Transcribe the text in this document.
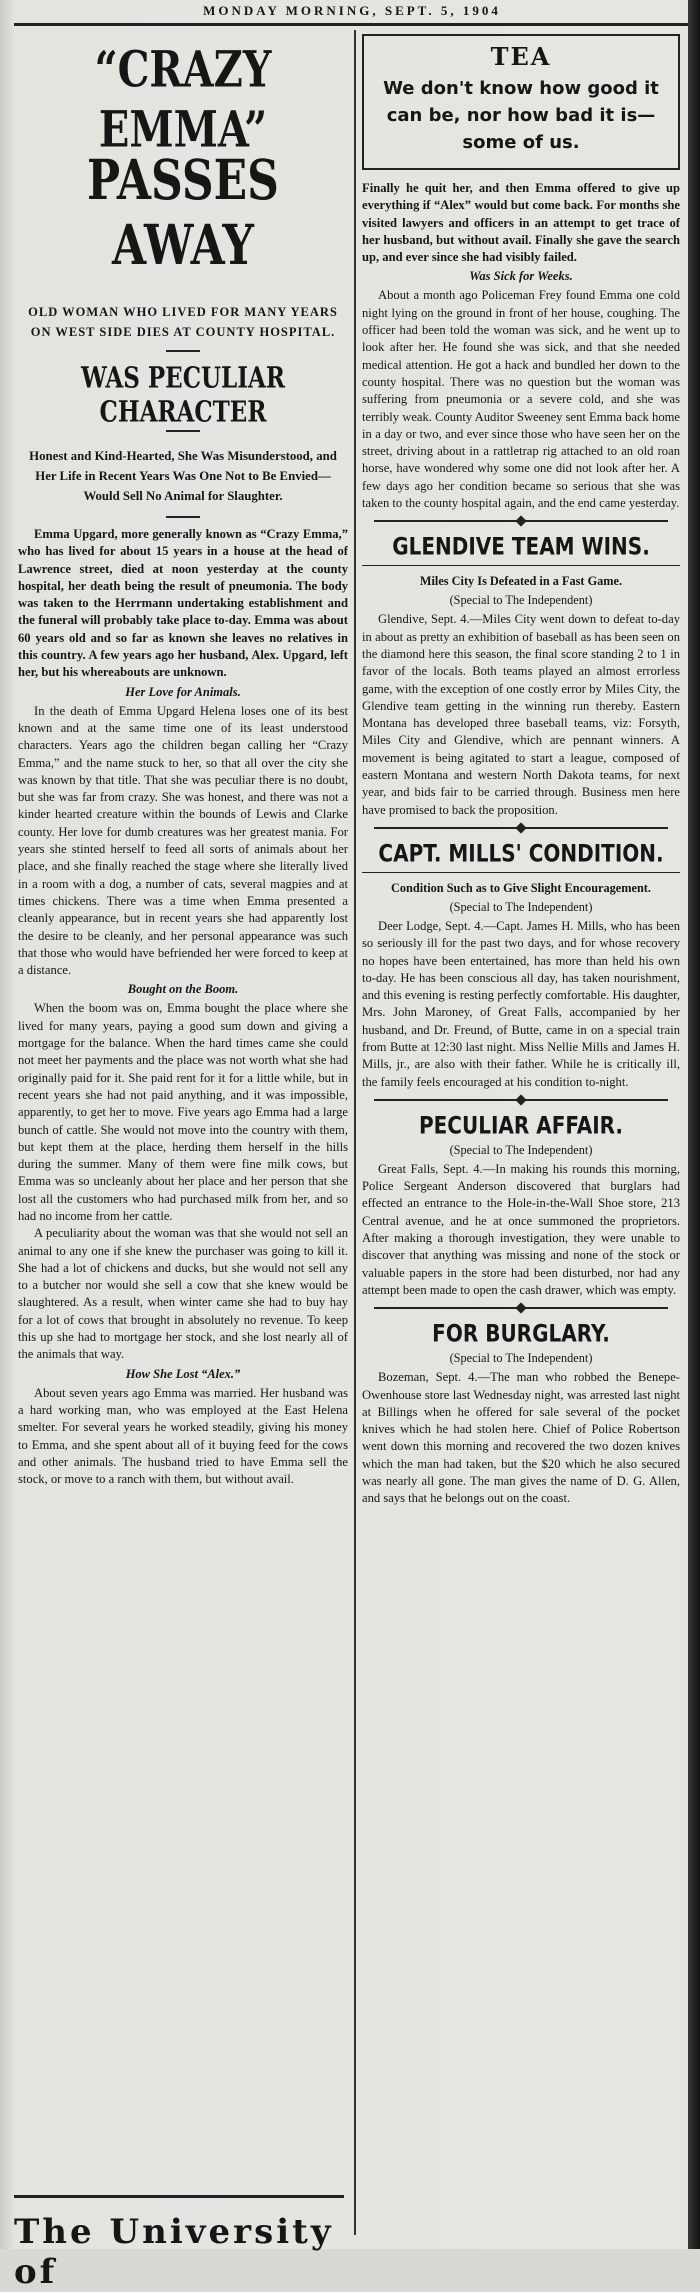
MONDAY MORNING, SEPT. 5, 1904
“CRAZY EMMA”
PASSES AWAY
OLD WOMAN WHO LIVED FOR MANY YEARS ON WEST SIDE DIES AT COUNTY HOSPITAL.
WAS PECULIAR CHARACTER
Honest and Kind-Hearted, She Was Misunderstood, and Her Life in Recent Years Was One Not to Be Envied—Would Sell No Animal for Slaughter.

Emma Upgard, more generally known as “Crazy Emma,” who has lived for about 15 years in a house at the head of Lawrence street, died at noon yesterday at the county hospital, her death being the result of pneumonia. The body was taken to the Herrmann undertaking establishment and the funeral will probably take place to-day. Emma was about 60 years old and so far as known she leaves no relatives in this country. A few years ago her husband, Alex. Upgard, left her, but his whereabouts are unknown.

Her Love for Animals.

In the death of Emma Upgard Helena loses one of its best known and at the same time one of its least understood characters. Years ago the children began calling her “Crazy Emma,” and the name stuck to her, so that all over the city she was known by that title. That she was peculiar there is no doubt, but she was far from crazy. She was honest, and there was not a kinder hearted creature within the bounds of Lewis and Clarke county. Her love for dumb creatures was her greatest mania. For years she stinted herself to feed all sorts of animals about her place, and she finally reached the stage where she literally lived in a room with a dog, a number of cats, several magpies and at times chickens. There was a time when Emma presented a cleanly appearance, but in recent years she had apparently lost the desire to be cleanly, and her personal appearance was such that those who would have befriended her were forced to keep at a distance.

Bought on the Boom.

When the boom was on, Emma bought the place where she lived for many years, paying a good sum down and giving a mortgage for the balance. When the hard times came she could not meet her payments and the place was not worth what she had originally paid for it. She paid rent for it for a little while, but in recent years she had not paid anything, and it was impossible, apparently, to get her to move. Five years ago Emma had a large bunch of cattle. She would not move into the country with them, but kept them at the place, herding them herself in the hills during the summer. Many of them were fine milk cows, but Emma was so uncleanly about her place and her person that she lost all the customers who had purchased milk from her, and so had no income from her cattle.

A peculiarity about the woman was that she would not sell an animal to any one if she knew the purchaser was going to kill it. She had a lot of chickens and ducks, but she would not sell any to a butcher nor would she sell a cow that she knew would be slaughtered. As a result, when winter came she had to buy hay for a lot of cows that brought in absolutely no revenue. To keep this up she had to mortgage her stock, and she lost nearly all of the animals that way.

How She Lost “Alex.”

About seven years ago Emma was married. Her husband was a hard working man, who was employed at the East Helena smelter. For several years he worked steadily, giving his money to Emma, and she spent about all of it buying feed for the cows and other animals. The husband tried to have Emma sell the stock, or move to a ranch with them, but without avail.

The University of
TEA
We don't know how good it can be, nor how bad it is—some of us.

Finally he quit her, and then Emma offered to give up everything if “Alex” would but come back. For months she visited lawyers and officers in an attempt to get trace of her husband, but without avail. Finally she gave the search up, and ever since she had visibly failed.

Was Sick for Weeks.

About a month ago Policeman Frey found Emma one cold night lying on the ground in front of her house, coughing. The officer had been told the woman was sick, and he went up to look after her. He found she was sick, and that she needed medical attention. He got a hack and bundled her down to the county hospital. There was no question but the woman was suffering from pneumonia or a severe cold, and she was terribly weak. County Auditor Sweeney sent Emma back home in a day or two, and ever since those who have seen her on the street, driving about in a rattletrap rig attached to an old roan horse, have wondered why some one did not look after her. A few days ago her condition became so serious that she was taken to the county hospital again, and the end came yesterday.

GLENDIVE TEAM WINS.
Miles City Is Defeated in a Fast Game.
(Special to The Independent)

Glendive, Sept. 4.—Miles City went down to defeat to-day in about as pretty an exhibition of baseball as has been seen on the diamond here this season, the final score standing 2 to 1 in favor of the locals. Both teams played an almost errorless game, with the exception of one costly error by Miles City, the Glendive team getting in the winning run thereby. Eastern Montana has developed three baseball teams, viz: Forsyth, Miles City and Glendive, which are pennant winners. A movement is being agitated to start a league, composed of eastern Montana and western North Dakota teams, for next year, and bids fair to be carried through. Business men here have promised to back the proposition.

CAPT. MILLS' CONDITION.
Condition Such as to Give Slight Encouragement.
(Special to The Independent)

Deer Lodge, Sept. 4.—Capt. James H. Mills, who has been so seriously ill for the past two days, and for whose recovery no hopes have been entertained, has more than held his own to-day. He has been conscious all day, has taken nourishment, and this evening is resting perfectly comfortable. His daughter, Mrs. John Maroney, of Great Falls, accompanied by her husband, and Dr. Freund, of Butte, came in on a special train from Butte at 12:30 last night. Miss Nellie Mills and James H. Mills, jr., are also with their father. While he is critically ill, the family feels encouraged at his condition to-night.

PECULIAR AFFAIR.
(Special to The Independent)

Great Falls, Sept. 4.—In making his rounds this morning, Police Sergeant Anderson discovered that burglars had effected an entrance to the Hole-in-the-Wall Shoe store, 213 Central avenue, and he at once summoned the proprietors. After making a thorough investigation, they were unable to discover that anything was missing and none of the stock or valuable papers in the store had been disturbed, nor had any attempt been made to open the cash drawer, which was empty.

FOR BURGLARY.
(Special to The Independent)

Bozeman, Sept. 4.—The man who robbed the Benepe-Owenhouse store last Wednesday night, was arrested last night at Billings when he offered for sale several of the pocket knives which he had stolen here. Chief of Police Robertson went down this morning and recovered the two dozen knives which the man had taken, but the $20 which he also secured was nearly all gone. The man gives the name of D. G. Allen, and says that he belongs out on the coast.
